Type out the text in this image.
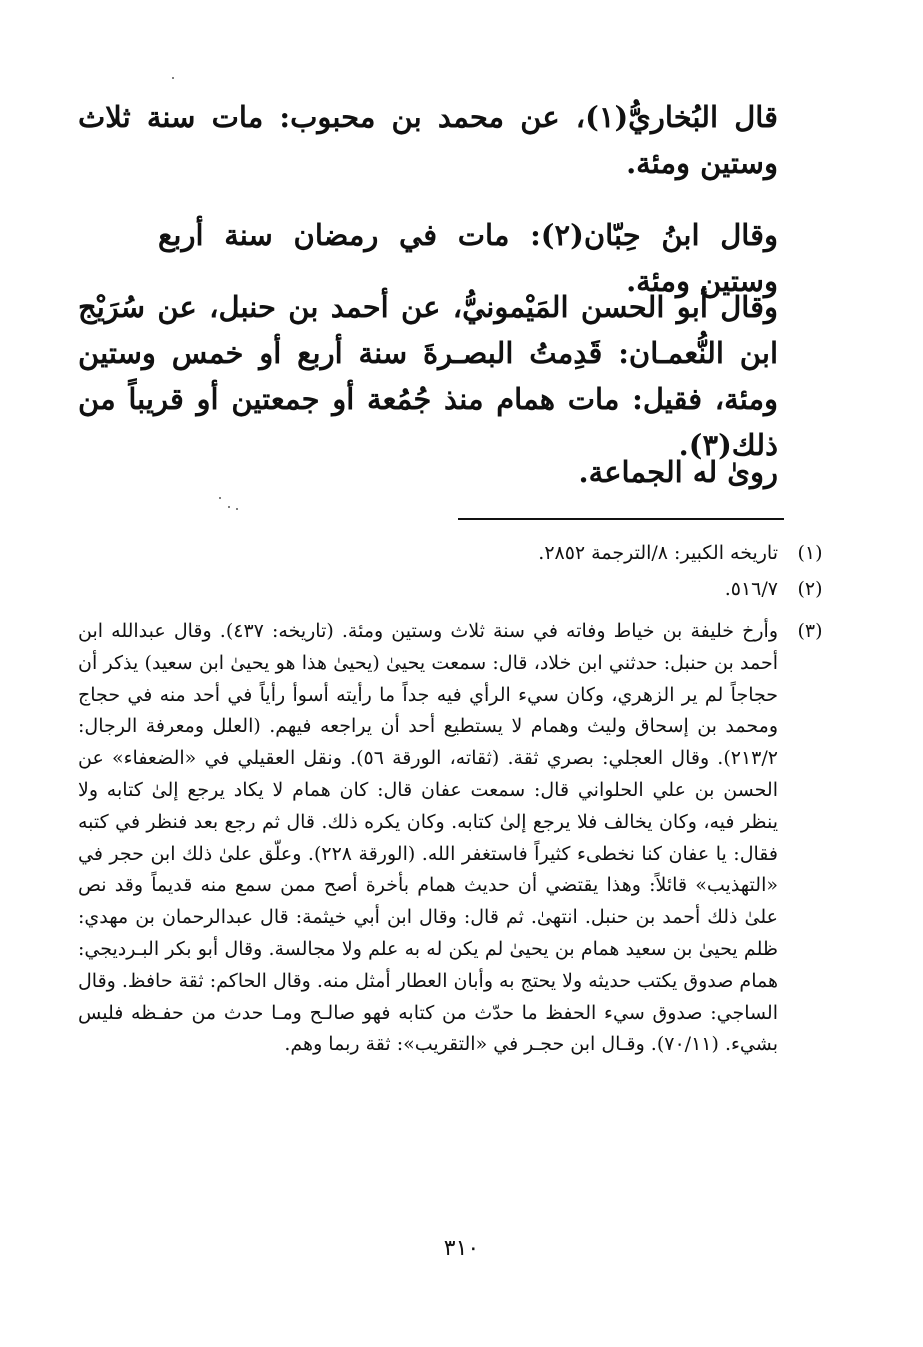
قال البُخاريُّ(١)، عن محمد بن محبوب: مات سنة ثلاث وستين ومئة.

وقال ابنُ حِبّان(٢): مات في رمضان سنة أربع وستين ومئة.

وقال أبو الحسن المَيْمونيُّ، عن أحمد بن حنبل، عن سُرَيْج ابن النُّعمـان: قَدِمتُ البصـرةَ سنة أربع أو خمس وستين ومئة، فقيل: مات همام منذ جُمُعة أو جمعتين أو قريباً من ذلك(٣).

روىٰ له الجماعة.

(١)
تاريخه الكبير: ٨/الترجمة ٢٨٥٢.
(٢)
٥١٦/٧.
(٣)
وأرخ خليفة بن خياط وفاته في سنة ثلاث وستين ومئة. (تاريخه: ٤٣٧). وقال عبدالله ابن أحمد بن حنبل: حدثني ابن خلاد، قال: سمعت يحيىٰ (يحيىٰ هذا هو يحيىٰ ابن سعيد) يذكر أن حجاجاً لم ير الزهري، وكان سيء الرأي فيه جداً ما رأيته أسوأ رأياً في أحد منه في حجاج ومحمد بن إسحاق وليث وهمام لا يستطيع أحد أن يراجعه فيهم. (العلل ومعرفة الرجال: ٢١٣/٢). وقال العجلي: بصري ثقة. (ثقاته، الورقة ٥٦). ونقل العقيلي في «الضعفاء» عن الحسن بن علي الحلواني قال: سمعت عفان قال: كان همام لا يكاد يرجع إلىٰ كتابه ولا ينظر فيه، وكان يخالف فلا يرجع إلىٰ كتابه. وكان يكره ذلك. قال ثم رجع بعد فنظر في كتبه فقال: يا عفان كنا نخطىء كثيراً فاستغفر الله. (الورقة ٢٢٨). وعلّق علىٰ ذلك ابن حجر في «التهذيب» قائلاً: وهذا يقتضي أن حديث همام بأخرة أصح ممن سمع منه قديماً وقد نص علىٰ ذلك أحمد بن حنبل. انتهىٰ. ثم قال: وقال ابن أبي خيثمة: قال عبدالرحمان بن مهدي: ظلم يحيىٰ بن سعيد همام بن يحيىٰ لم يكن له به علم ولا مجالسة. وقال أبو بكر البـرديجي: همام صدوق يكتب حديثه ولا يحتج به وأبان العطار أمثل منه. وقال الحاكم: ثقة حافظ. وقال الساجي: صدوق سيء الحفظ ما حدّث من كتابه فهو صالـح ومـا حدث من حفـظه فليس بشيء. (٧٠/١١). وقـال ابن حجـر في «التقريب»: ثقة ربما وهم.
٣١٠
